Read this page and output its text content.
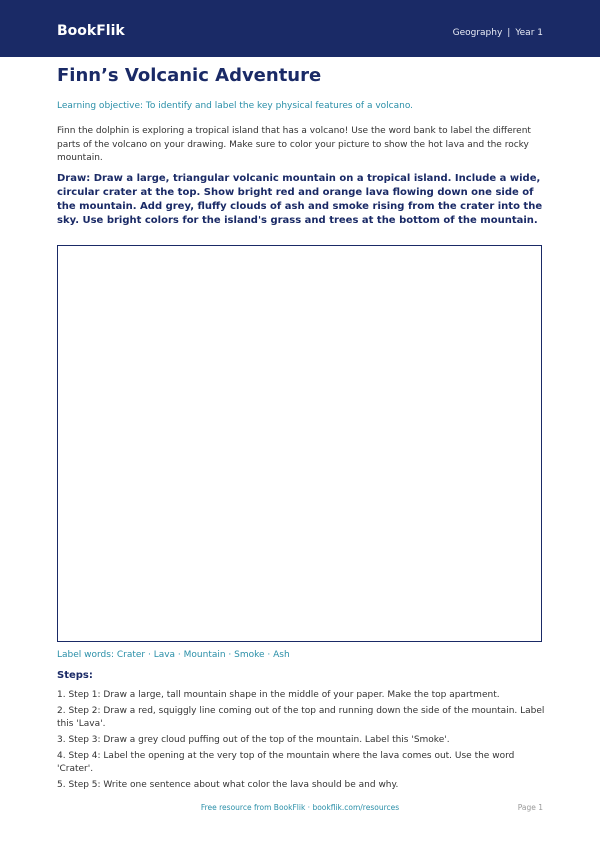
BookFlik	Geography | Year 1
Finn’s Volcanic Adventure
Learning objective: To identify and label the key physical features of a volcano.

Finn the dolphin is exploring a tropical island that has a volcano! Use the word bank to label the different parts of the volcano on your drawing. Make sure to color your picture to show the hot lava and the rocky mountain.

Draw: Draw a large, triangular volcanic mountain on a tropical island. Include a wide, circular crater at the top. Show bright red and orange lava flowing down one side of the mountain. Add grey, fluffy clouds of ash and smoke rising from the crater into the sky. Use bright colors for the island's grass and trees at the bottom of the mountain.

Label words: Crater · Lava · Mountain · Smoke · Ash
Steps:
1. Step 1: Draw a large, tall mountain shape in the middle of your paper. Make the top apartment.
2. Step 2: Draw a red, squiggly line coming out of the top and running down the side of the mountain. Label this 'Lava'.
3. Step 3: Draw a grey cloud puffing out of the top of the mountain. Label this 'Smoke'.
4. Step 4: Label the opening at the very top of the mountain where the lava comes out. Use the word 'Crater'.
5. Step 5: Write one sentence about what color the lava should be and why.
Free resource from BookFlik · bookflik.com/resources	Page 1
